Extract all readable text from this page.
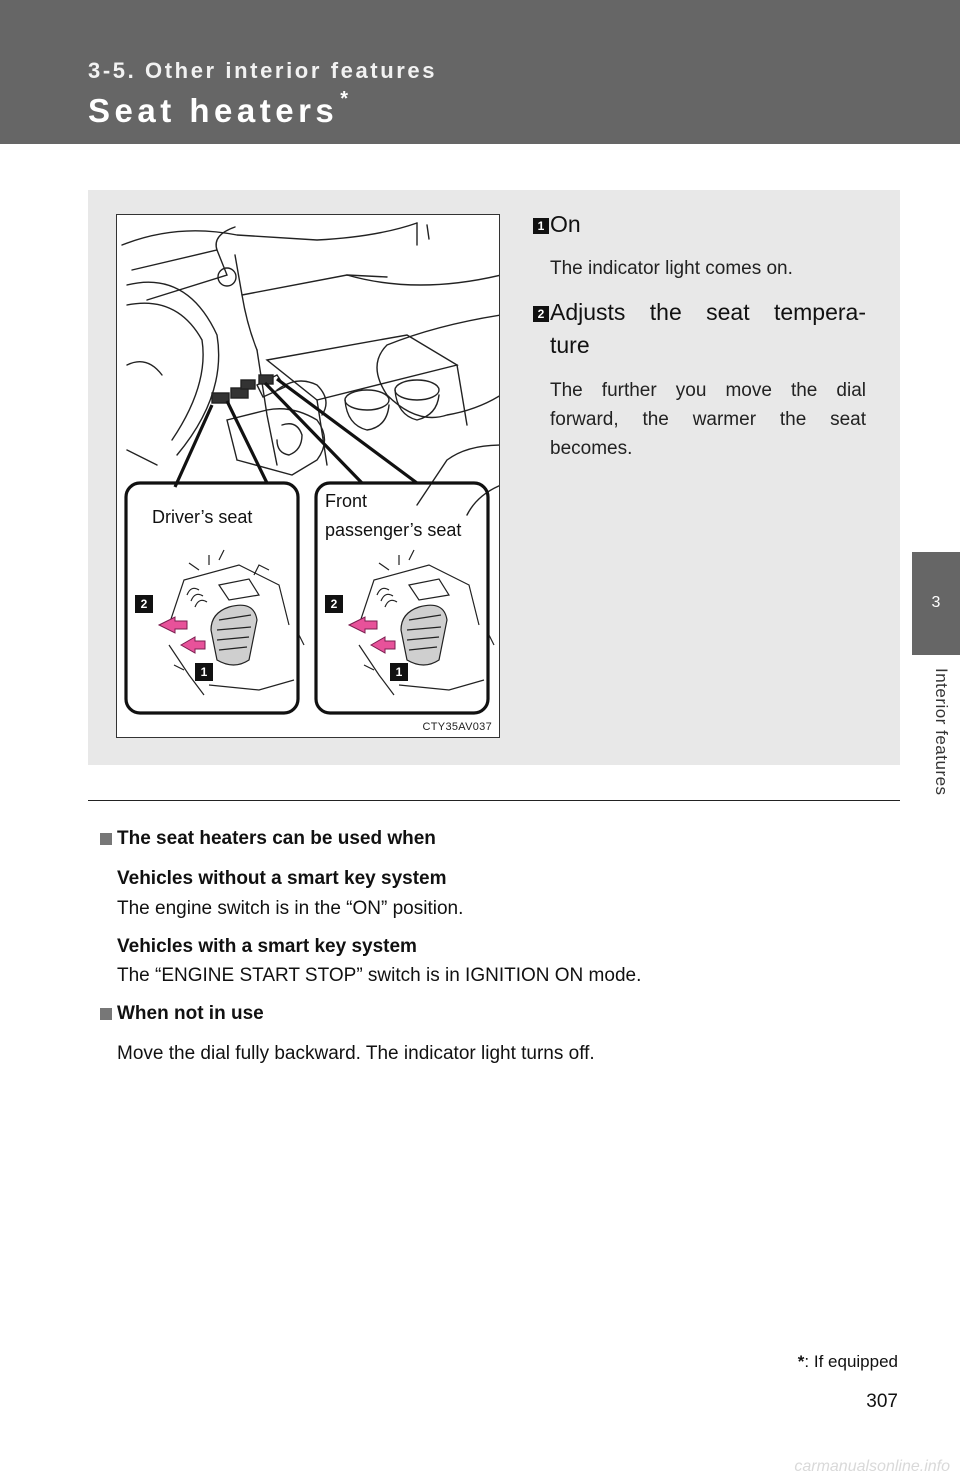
3-5. Other interior features
Seat heaters *
3
Interior features
Driver’s seat
Front
passenger’s seat
2
1
2
1
CTY35AV037
1 On
The indicator light comes on.
2 Adjusts the seat tempera-
ture
The further you move the dial
forward, the warmer the seat
becomes.
The seat heaters can be used when
Vehicles without a smart key system
The engine switch is in the “ON” position.
Vehicles with a smart key system
The “ENGINE START STOP” switch is in IGNITION ON mode.
When not in use
Move the dial fully backward. The indicator light turns off.
*: If equipped
307
carmanualsonline.info
